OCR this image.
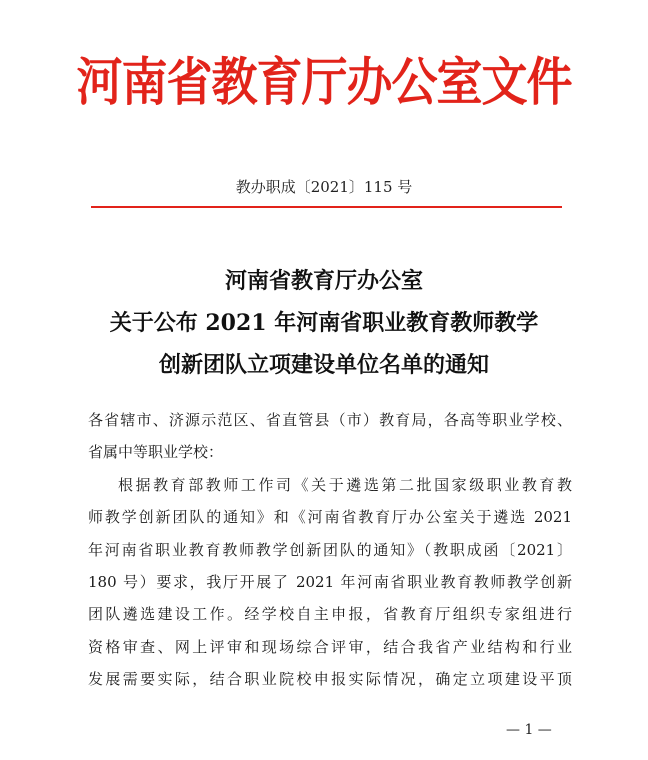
河南省教育厅办公室文件
教办职成〔2021〕115 号
河南省教育厅办公室
关于公布 2021 年河南省职业教育教师教学
创新团队立项建设单位名单的通知
各省辖市、济源示范区、省直管县（市）教育局，各高等职业学校、
省属中等职业学校：
根据教育部教师工作司《关于遴选第二批国家级职业教育教
师教学创新团队的通知》和《河南省教育厅办公室关于遴选 2021
年河南省职业教育教师教学创新团队的通知》（教职成函〔2021〕
180 号）要求，我厅开展了 2021 年河南省职业教育教师教学创新
团队遴选建设工作。经学校自主申报，省教育厅组织专家组进行
资格审查、网上评审和现场综合评审，结合我省产业结构和行业
发展需要实际，结合职业院校申报实际情况，确定立项建设平顶
— 1 —
